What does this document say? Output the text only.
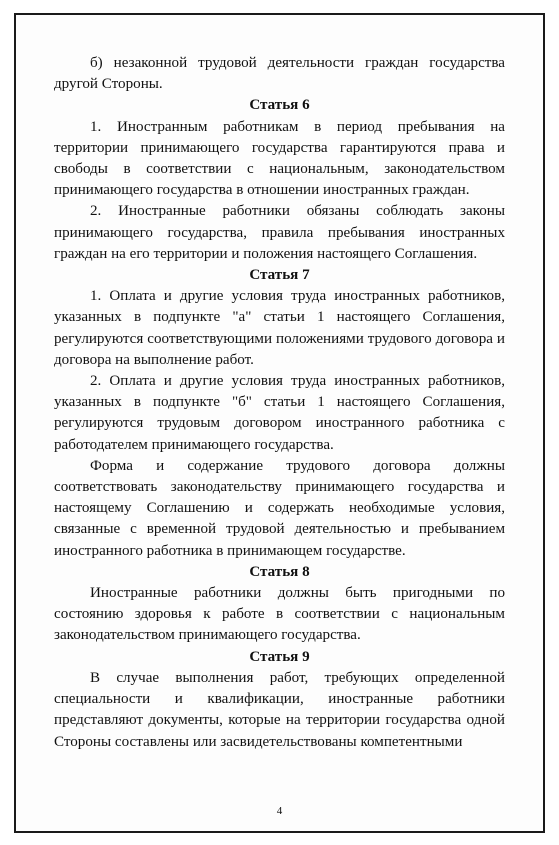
б) незаконной трудовой деятельности граждан государства другой Стороны.

Статья 6

1. Иностранным работникам в период пребывания на территории принимающего государства гарантируются права и свободы в соответствии с национальным, законодательством принимающего государства в отношении иностранных граждан.

2. Иностранные работники обязаны соблюдать законы принимающего государства, правила пребывания иностранных граждан на его территории и положения настоящего Соглашения.

Статья 7

1. Оплата и другие условия труда иностранных работников, указанных в подпункте "а" статьи 1 настоящего Соглашения, регулируются соответствующими положениями трудового договора и договора на выполнение работ.

2. Оплата и другие условия труда иностранных работников, указанных в подпункте "б" статьи 1 настоящего Соглашения, регулируются трудовым договором иностранного работника с работодателем принимающего государства.

Форма и содержание трудового договора должны соответствовать законодательству принимающего государства и настоящему Соглашению и содержать необходимые условия, связанные с временной трудовой деятельностью и пребыванием иностранного работника в принимающем государстве.

Статья 8

Иностранные работники должны быть пригодными по состоянию здоровья к работе в соответствии с национальным законодательством принимающего государства.

Статья 9

В случае выполнения работ, требующих определенной специальности и квалификации, иностранные работники представляют документы, которые на территории государства одной Стороны составлены или засвидетельствованы компетентными

4
